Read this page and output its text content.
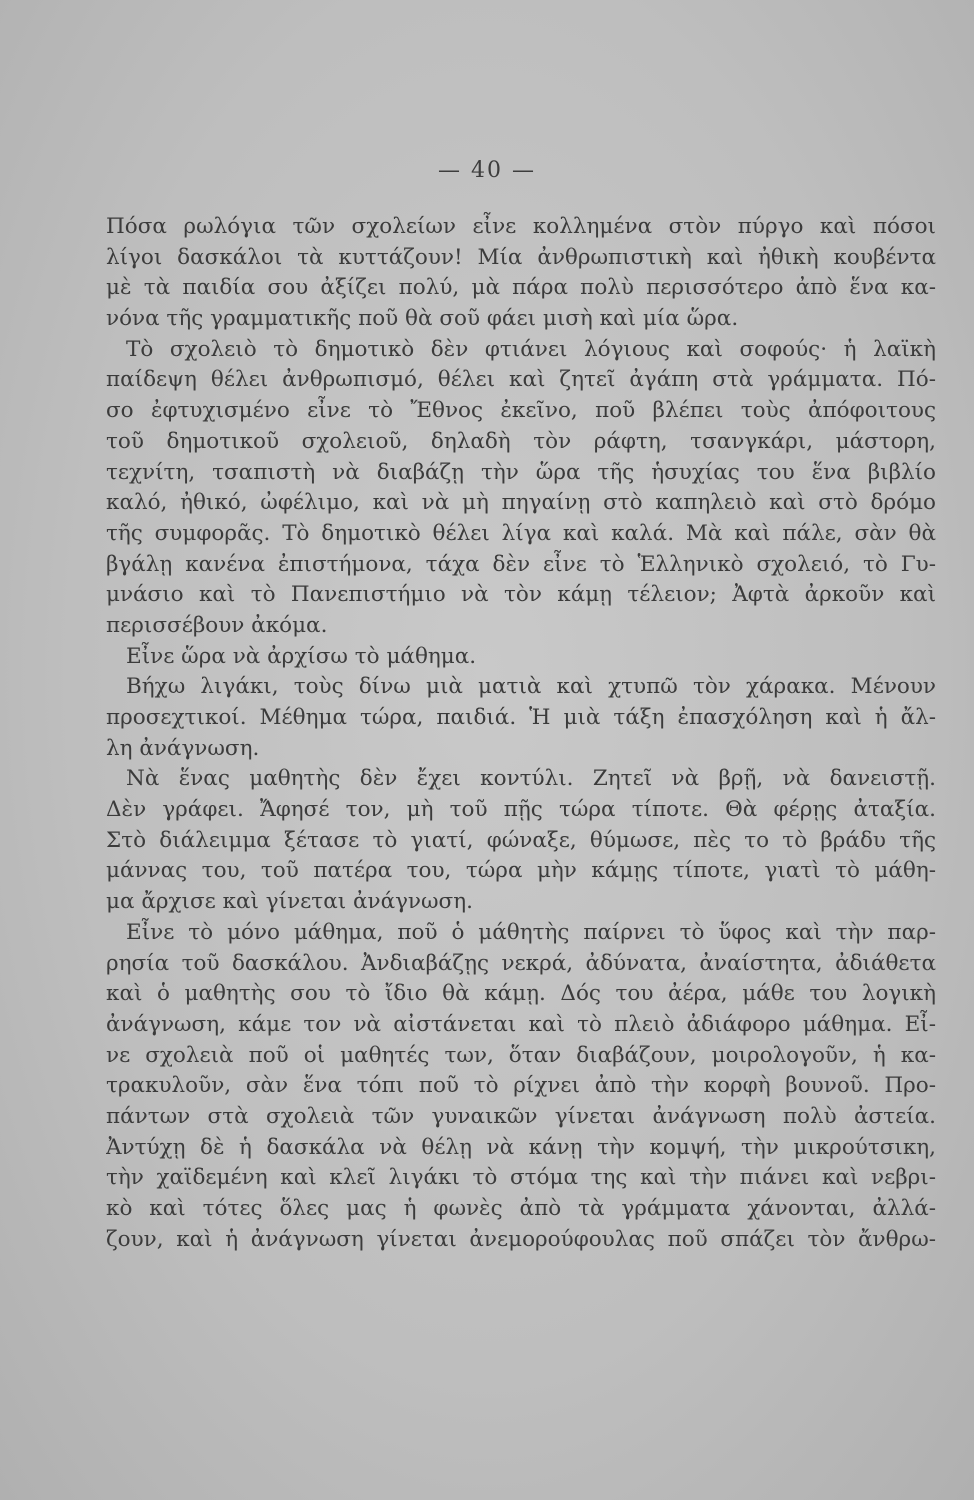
— 40 —
Πόσα ρωλόγια τῶν σχολείων εἶνε κολλημένα στὸν πύργο καὶ πόσοι
λίγοι δασκάλοι τὰ κυττάζουν! Μία ἀνθρωπιστικὴ καὶ ἠθικὴ κουβέντα
μὲ τὰ παιδία σου ἀξίζει πολύ, μὰ πάρα πολὺ περισσότερο ἀπὸ ἕνα κα-
νόνα τῆς γραμματικῆς ποῦ θὰ σοῦ φάει μισὴ καὶ μία ὥρα.
Τὸ σχολειὸ τὸ δημοτικὸ δὲν φτιάνει λόγιους καὶ σοφούς· ἡ λαϊκὴ
παίδεψη θέλει ἀνθρωπισμό, θέλει καὶ ζητεῖ ἀγάπη στὰ γράμματα. Πό-
σο ἐφτυχισμένο εἶνε τὸ Ἔθνος ἐκεῖνο, ποῦ βλέπει τοὺς ἀπόφοιτους
τοῦ δημοτικοῦ σχολειοῦ, δηλαδὴ τὸν ράφτη, τσανγκάρι, μάστορη,
τεχνίτη, τσαπιστὴ νὰ διαβάζῃ τὴν ὥρα τῆς ἡσυχίας του ἕνα βιβλίο
καλό, ἠθικό, ὠφέλιμο, καὶ νὰ μὴ πηγαίνῃ στὸ καπηλειὸ καὶ στὸ δρόμο
τῆς συμφορᾶς. Τὸ δημοτικὸ θέλει λίγα καὶ καλά. Μὰ καὶ πάλε, σὰν θὰ
βγάλῃ κανένα ἐπιστήμονα, τάχα δὲν εἶνε τὸ Ἑλληνικὸ σχολειό, τὸ Γυ-
μνάσιο καὶ τὸ Πανεπιστήμιο νὰ τὸν κάμῃ τέλειον; Ἀφτὰ ἀρκοῦν καὶ
περισσέβουν ἀκόμα.
Εἶνε ὥρα νὰ ἀρχίσω τὸ μάθημα.
Βήχω λιγάκι, τοὺς δίνω μιὰ ματιὰ καὶ χτυπῶ τὸν χάρακα. Μένουν
προσεχτικοί. Μέθημα τώρα, παιδιά. Ἡ μιὰ τάξη ἐπασχόληση καὶ ἡ ἄλ-
λη ἀνάγνωση.
Νὰ ἕνας μαθητὴς δὲν ἔχει κοντύλι. Ζητεῖ νὰ βρῇ, νὰ δανειστῇ.
Δὲν γράφει. Ἄφησέ τον, μὴ τοῦ πῇς τώρα τίποτε. Θὰ φέρῃς ἀταξία.
Στὸ διάλειμμα ξέτασε τὸ γιατί, φώναξε, θύμωσε, πὲς το τὸ βράδυ τῆς
μάννας του, τοῦ πατέρα του, τώρα μὴν κάμῃς τίποτε, γιατὶ τὸ μάθη-
μα ἄρχισε καὶ γίνεται ἀνάγνωση.
Εἶνε τὸ μόνο μάθημα, ποῦ ὁ μάθητὴς παίρνει τὸ ὕφος καὶ τὴν παρ-
ρησία τοῦ δασκάλου. Ἀνδιαβάζῃς νεκρά, ἀδύνατα, ἀναίστητα, ἀδιάθετα
καὶ ὁ μαθητὴς σου τὸ ἴδιο θὰ κάμῃ. Δός του ἀέρα, μάθε του λογικὴ
ἀνάγνωση, κάμε τον νὰ αἰστάνεται καὶ τὸ πλειὸ ἀδιάφορο μάθημα. Εἶ-
νε σχολειὰ ποῦ οἱ μαθητές των, ὅταν διαβάζουν, μοιρολογοῦν, ἡ κα-
τρακυλοῦν, σὰν ἕνα τόπι ποῦ τὸ ρίχνει ἀπὸ τὴν κορφὴ βουνοῦ. Προ-
πάντων στὰ σχολειὰ τῶν γυναικῶν γίνεται ἀνάγνωση πολὺ ἀστεία.
Ἀντύχῃ δὲ ἡ δασκάλα νὰ θέλῃ νὰ κάνῃ τὴν κομψή, τὴν μικρούτσικη,
τὴν χαϊδεμένη καὶ κλεῖ λιγάκι τὸ στόμα της καὶ τὴν πιάνει καὶ νεβρι-
κὸ καὶ τότες ὅλες μας ἡ φωνὲς ἀπὸ τὰ γράμματα χάνονται, ἀλλά-
ζουν, καὶ ἡ ἀνάγνωση γίνεται ἀνεμορούφουλας ποῦ σπάζει τὸν ἄνθρω-
